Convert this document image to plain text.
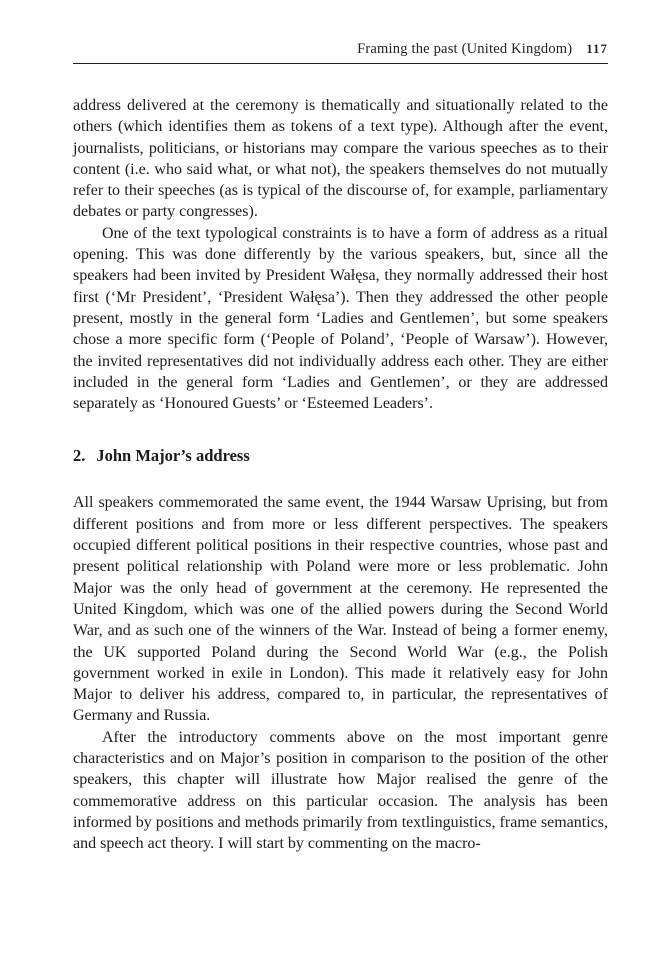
Framing the past (United Kingdom) 117

address delivered at the ceremony is thematically and situationally related to the others (which identifies them as tokens of a text type). Although after the event, journalists, politicians, or historians may compare the various speeches as to their content (i.e. who said what, or what not), the speakers themselves do not mutually refer to their speeches (as is typical of the discourse of, for example, parliamentary debates or party congresses).

One of the text typological constraints is to have a form of address as a ritual opening. This was done differently by the various speakers, but, since all the speakers had been invited by President Wałęsa, they normally addressed their host first (‘Mr President’, ‘President Wałęsa’). Then they addressed the other people present, mostly in the general form ‘Ladies and Gentlemen’, but some speakers chose a more specific form (‘People of Poland’, ‘People of Warsaw’). However, the invited representatives did not individually address each other. They are either included in the general form ‘Ladies and Gentlemen’, or they are addressed separately as ‘Honoured Guests’ or ‘Esteemed Leaders’.

2. John Major’s address

All speakers commemorated the same event, the 1944 Warsaw Uprising, but from different positions and from more or less different perspectives. The speakers occupied different political positions in their respective countries, whose past and present political relationship with Poland were more or less problematic. John Major was the only head of government at the ceremony. He represented the United Kingdom, which was one of the allied powers during the Second World War, and as such one of the winners of the War. Instead of being a former enemy, the UK supported Poland during the Second World War (e.g., the Polish government worked in exile in London). This made it relatively easy for John Major to deliver his address, compared to, in particular, the representatives of Germany and Russia.

After the introductory comments above on the most important genre characteristics and on Major’s position in comparison to the position of the other speakers, this chapter will illustrate how Major realised the genre of the commemorative address on this particular occasion. The analysis has been informed by positions and methods primarily from textlinguistics, frame semantics, and speech act theory. I will start by commenting on the macro-
